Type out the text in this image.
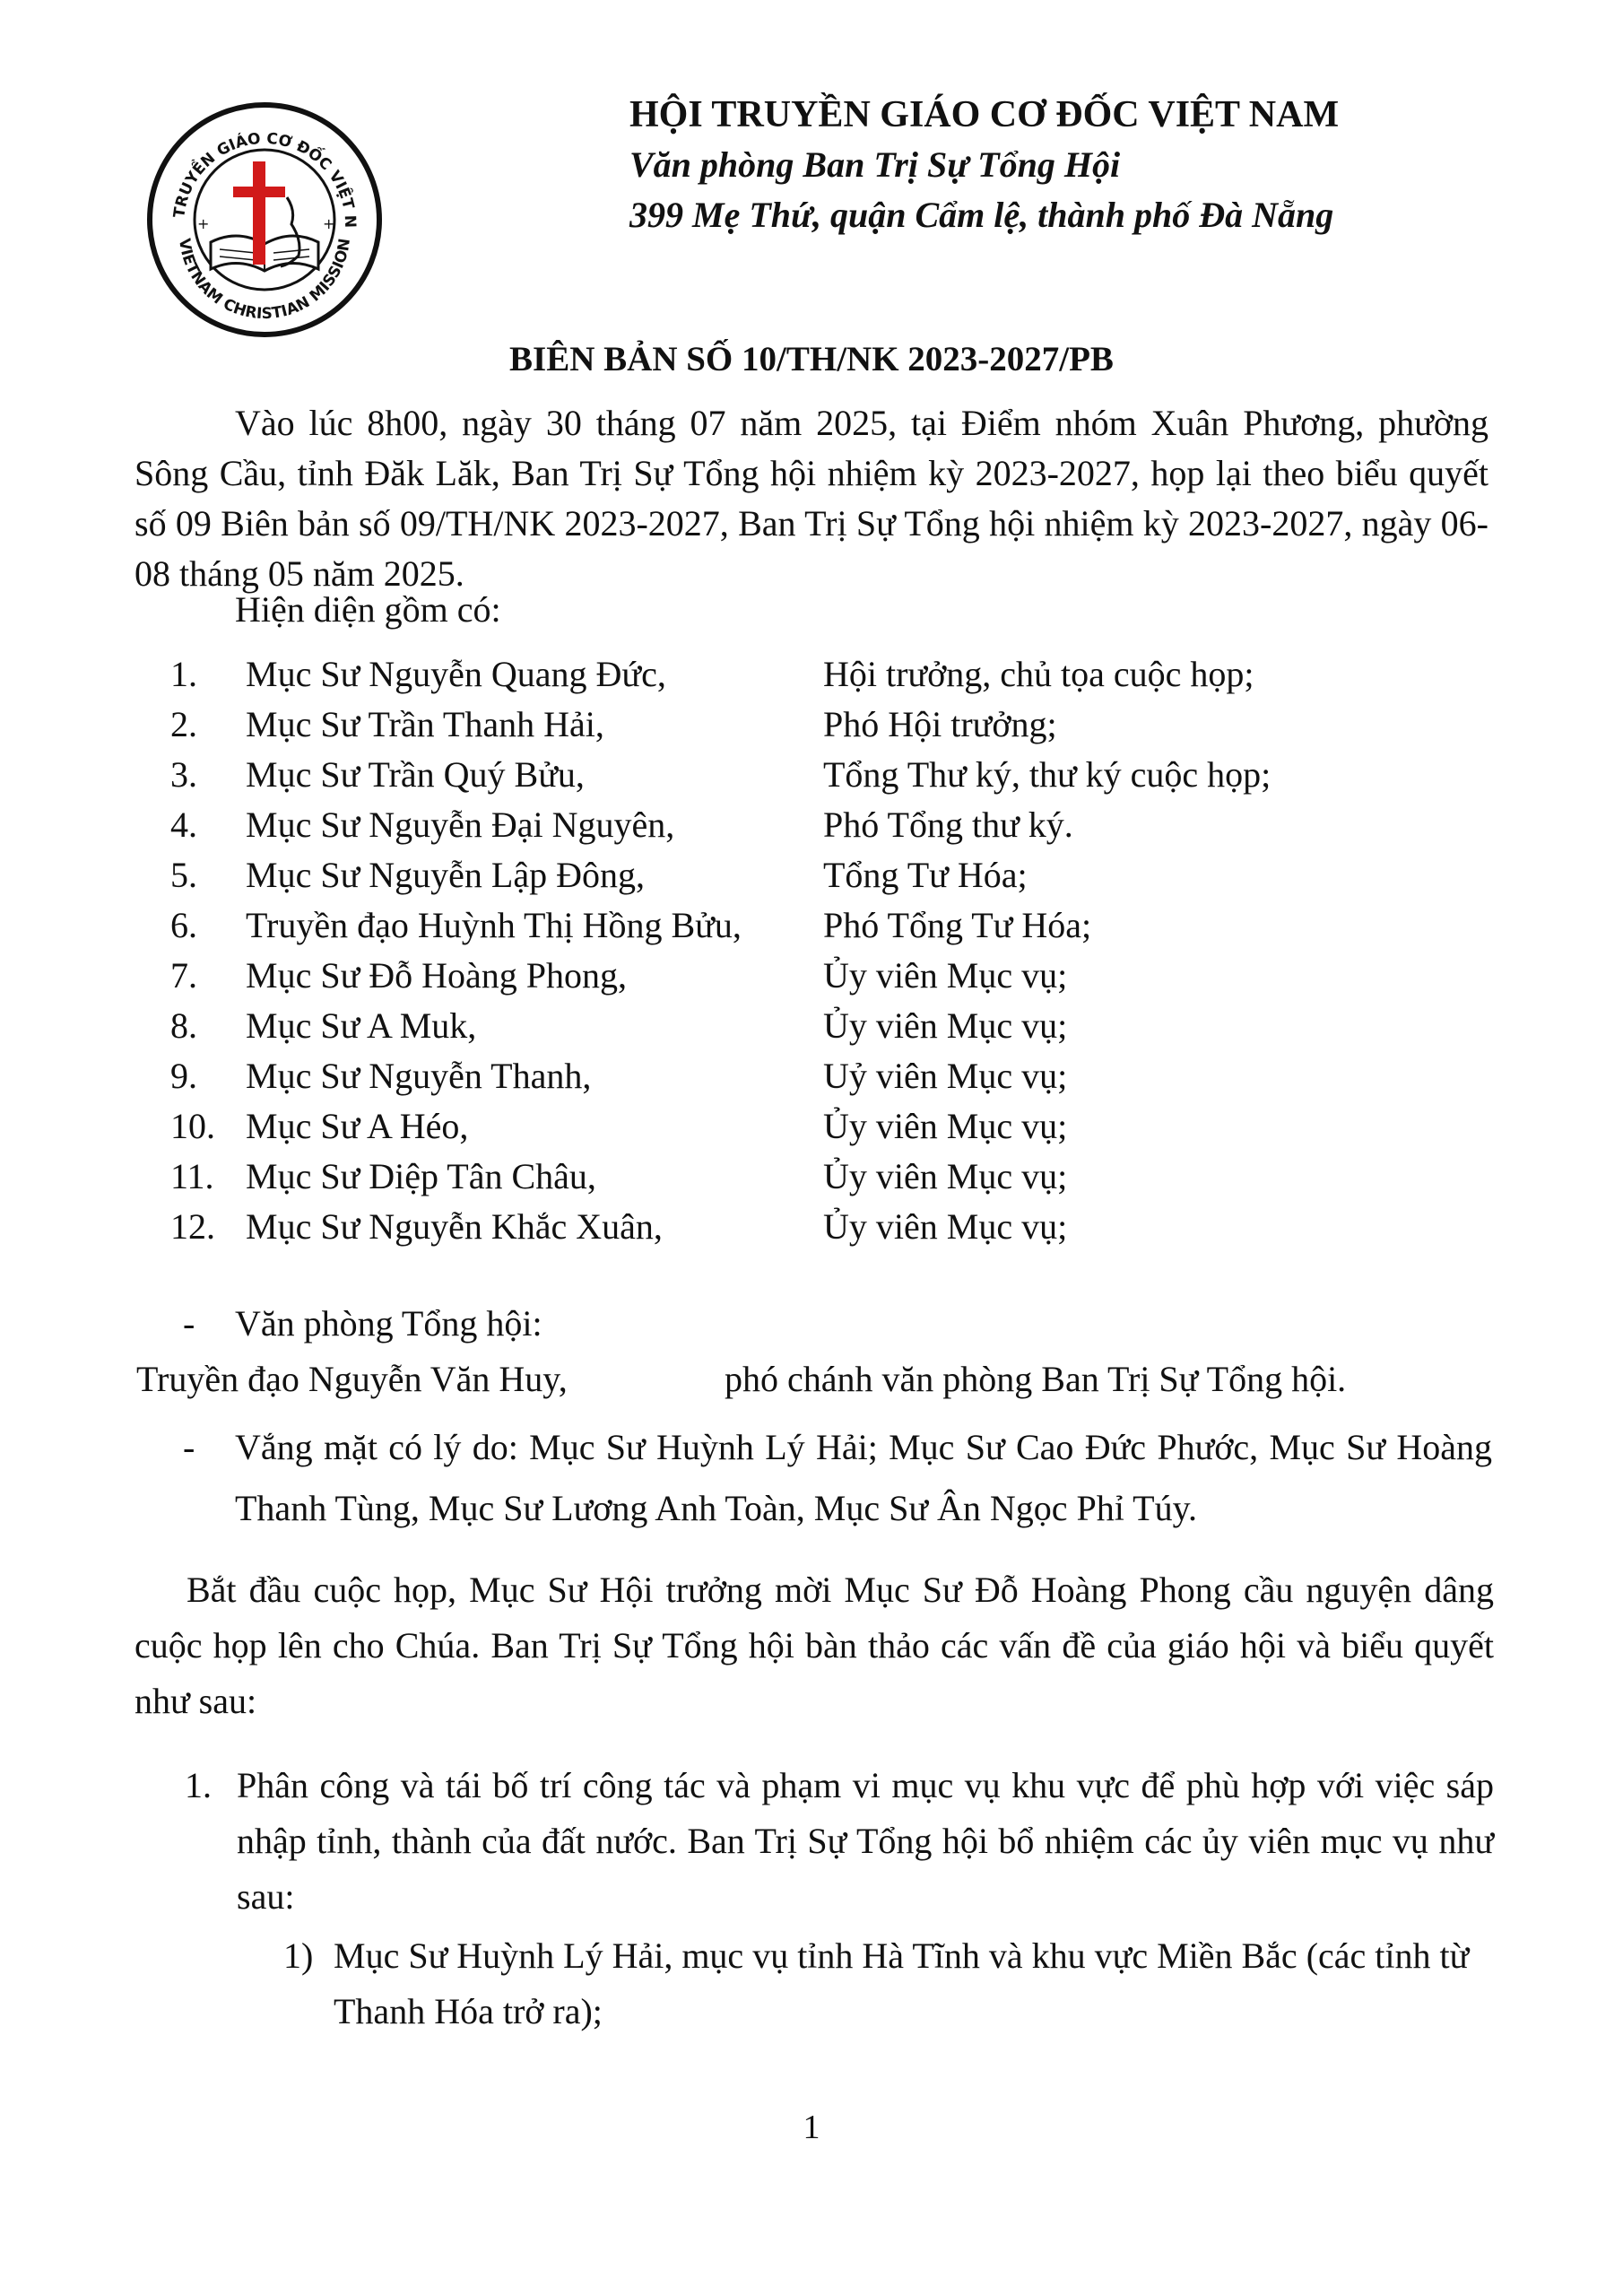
TRUYỀN GIÁO CƠ ĐỐC VIỆT N
VIETNAM CHRISTIAN MISSION
+	+
HỘI TRUYỀN GIÁO CƠ ĐỐC VIỆT NAM
Văn phòng Ban Trị Sự Tổng Hội
399 Mẹ Thứ, quận Cẩm lệ, thành phố Đà Nẵng
BIÊN BẢN SỐ 10/TH/NK 2023-2027/PB
Vào lúc 8h00, ngày 30 tháng 07 năm 2025, tại Điểm nhóm Xuân Phương, phường Sông Cầu, tỉnh Đăk Lăk, Ban Trị Sự Tổng hội nhiệm kỳ 2023-2027, họp lại theo biểu quyết số 09 Biên bản số 09/TH/NK 2023-2027, Ban Trị Sự Tổng hội nhiệm kỳ 2023-2027, ngày 06-08 tháng 05 năm 2025.
Hiện diện gồm có:
1. Mục Sư Nguyễn Quang Đức,	Hội trưởng, chủ tọa cuộc họp;
2. Mục Sư Trần Thanh Hải,	Phó Hội trưởng;
3. Mục Sư Trần Quý Bửu,	Tổng Thư ký, thư ký cuộc họp;
4. Mục Sư Nguyễn Đại Nguyên,	Phó Tổng thư ký.
5. Mục Sư Nguyễn Lập Đông,	Tổng Tư Hóa;
6. Truyền đạo Huỳnh Thị Hồng Bửu, Phó Tổng Tư Hóa;
7. Mục Sư Đỗ Hoàng Phong,	Ủy viên Mục vụ;
8. Mục Sư A Muk,	Ủy viên Mục vụ;
9. Mục Sư Nguyễn Thanh,	Uỷ viên Mục vụ;
10. Mục Sư A Héo,	Ủy viên Mục vụ;
11. Mục Sư Diệp Tân Châu,	Ủy viên Mục vụ;
12. Mục Sư Nguyễn Khắc Xuân,	Ủy viên Mục vụ;
- Văn phòng Tổng hội:
Truyền đạo Nguyễn Văn Huy,	phó chánh văn phòng Ban Trị Sự Tổng hội.
- Vắng mặt có lý do: Mục Sư Huỳnh Lý Hải; Mục Sư Cao Đức Phước, Mục Sư Hoàng Thanh Tùng, Mục Sư Lương Anh Toàn, Mục Sư Ân Ngọc Phỉ Túy.
Bắt đầu cuộc họp, Mục Sư Hội trưởng mời Mục Sư Đỗ Hoàng Phong cầu nguyện dâng cuộc họp lên cho Chúa. Ban Trị Sự Tổng hội bàn thảo các vấn đề của giáo hội và biểu quyết như sau:
1. Phân công và tái bố trí công tác và phạm vi mục vụ khu vực để phù hợp với việc sáp nhập tỉnh, thành của đất nước. Ban Trị Sự Tổng hội bổ nhiệm các ủy viên mục vụ như sau:
1) Mục Sư Huỳnh Lý Hải, mục vụ tỉnh Hà Tĩnh và khu vực Miền Bắc (các tỉnh từ Thanh Hóa trở ra);
1
